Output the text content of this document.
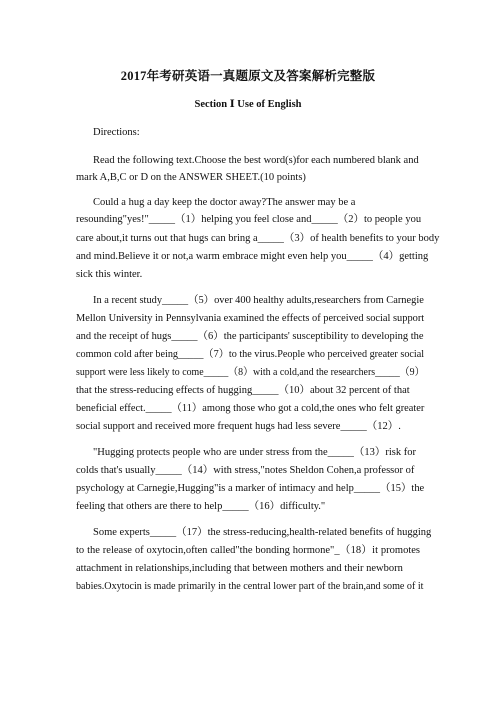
2017年考研英语一真题原文及答案解析完整版
Section Ⅰ Use of English
Directions:
Read the following text.Choose the best word(s)for each numbered blank and
mark A,B,C or D on the ANSWER SHEET.(10 points)
Could a hug a day keep the doctor away?The answer may be a
resounding"yes!"_____（1）helping you feel close and_____（2）to people you
care about,it turns out that hugs can bring a_____（3）of health benefits to your body
and mind.Believe it or not,a warm embrace might even help you_____（4）getting
sick this winter.
In a recent study_____（5）over 400 healthy adults,researchers from Carnegie
Mellon University in Pennsylvania examined the effects of perceived social support
and the receipt of hugs_____（6）the participants' susceptibility to developing the
common cold after being_____（7）to the virus.People who perceived greater social
support were less likely to come_____（8）with a cold,and the researchers_____（9）
that the stress-reducing effects of hugging_____（10）about 32 percent of that
beneficial effect._____（11）among those who got a cold,the ones who felt greater
social support and received more frequent hugs had less severe_____（12）.
"Hugging protects people who are under stress from the_____（13）risk for
colds that's usually_____（14）with stress,"notes Sheldon Cohen,a professor of
psychology at Carnegie,Hugging"is a marker of intimacy and help_____（15）the
feeling that others are there to help_____（16）difficulty."
Some experts_____（17）the stress-reducing,health-related benefits of hugging
to the release of oxytocin,often called"the bonding hormone"_（18）it promotes
attachment in relationships,including that between mothers and their newborn
babies.Oxytocin is made primarily in the central lower part of the brain,and some of it
